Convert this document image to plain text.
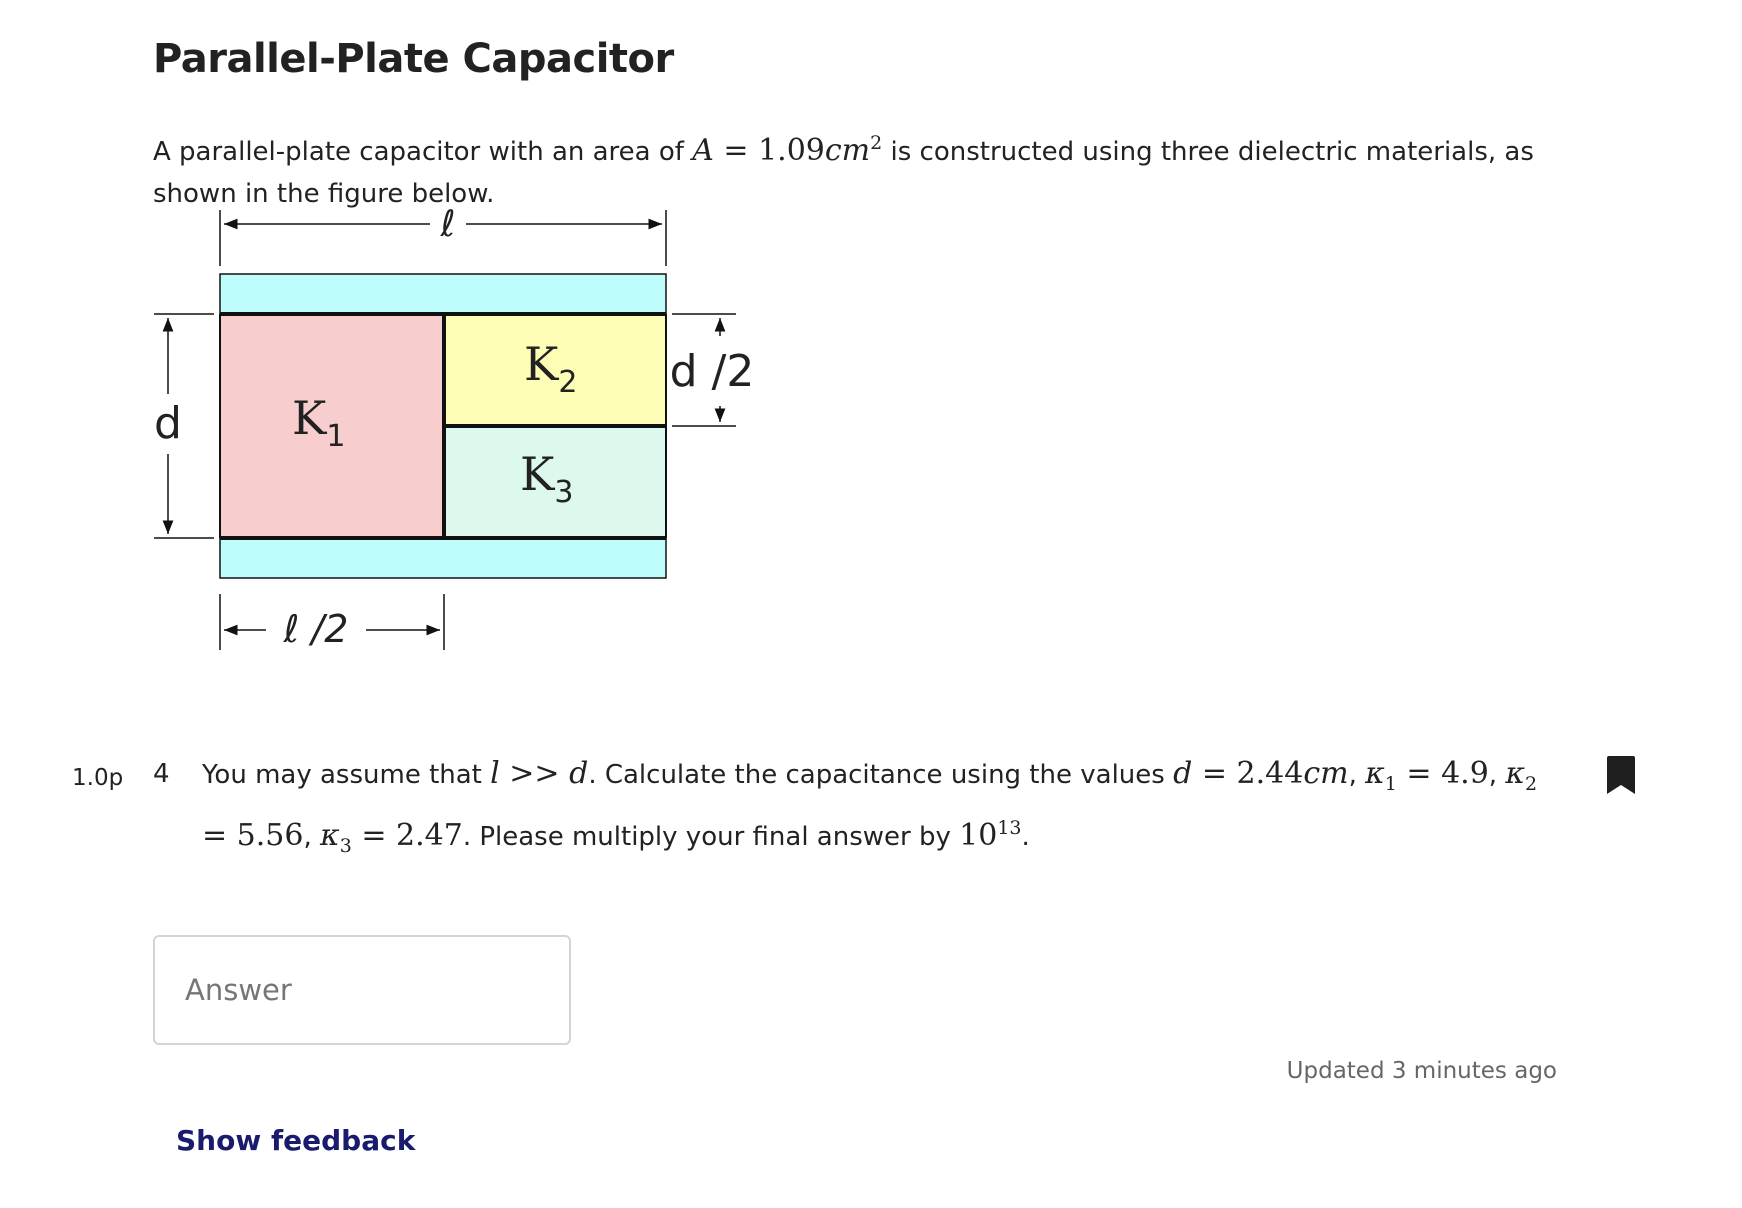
Parallel-Plate Capacitor
A parallel-plate capacitor with an area of $A = 1.09cm^2$ is constructed using three dielectric materials, as shown in the figure below.
ℓ
d
d /2
ℓ /2
$K_1$
$K_2$
$K_3$
1.0p 4 You may assume that l >> d. Calculate the capacitance using the values d = 2.44cm, $\kappa_1 = 4.9$, $\kappa_2 = 5.56$, $\kappa_3 = 2.47$. Please multiply your final answer by $10^{13}$.
Answer
Updated 3 minutes ago
Show feedback
